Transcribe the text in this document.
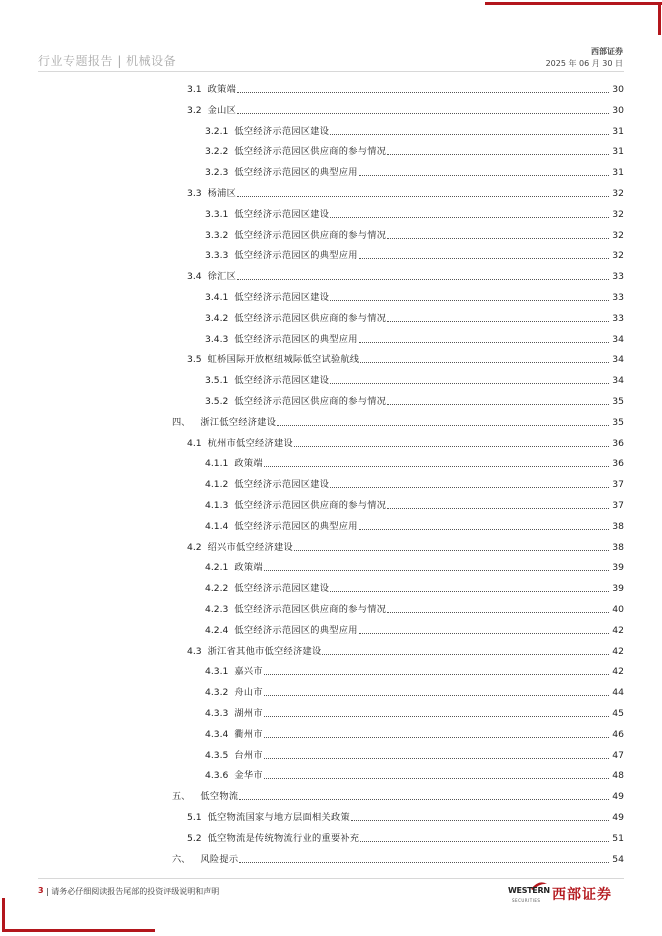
行业专题报告 | 机械设备
西部证券
2025 年 06 月 30 日
3.1 政策端	30
3.2 金山区	30
3.2.1 低空经济示范园区建设	31
3.2.2 低空经济示范园区供应商的参与情况	31
3.2.3 低空经济示范园区的典型应用	31
3.3 杨浦区	32
3.3.1 低空经济示范园区建设	32
3.3.2 低空经济示范园区供应商的参与情况	32
3.3.3 低空经济示范园区的典型应用	32
3.4 徐汇区	33
3.4.1 低空经济示范园区建设	33
3.4.2 低空经济示范园区供应商的参与情况	33
3.4.3 低空经济示范园区的典型应用	34
3.5 虹桥国际开放枢纽城际低空试验航线	34
3.5.1 低空经济示范园区建设	34
3.5.2 低空经济示范园区供应商的参与情况	35
四、 浙江低空经济建设	35
4.1 杭州市低空经济建设	36
4.1.1 政策端	36
4.1.2 低空经济示范园区建设	37
4.1.3 低空经济示范园区供应商的参与情况	37
4.1.4 低空经济示范园区的典型应用	38
4.2 绍兴市低空经济建设	38
4.2.1 政策端	39
4.2.2 低空经济示范园区建设	39
4.2.3 低空经济示范园区供应商的参与情况	40
4.2.4 低空经济示范园区的典型应用	42
4.3 浙江省其他市低空经济建设	42
4.3.1 嘉兴市	42
4.3.2 舟山市	44
4.3.3 湖州市	45
4.3.4 衢州市	46
4.3.5 台州市	47
4.3.6 金华市	48
五、 低空物流	49
5.1 低空物流国家与地方层面相关政策	49
5.2 低空物流是传统物流行业的重要补充	51
六、 风险提示	54
3 | 请务必仔细阅读报告尾部的投资评级说明和声明	WESTERN
SECURITIES 西部证券
